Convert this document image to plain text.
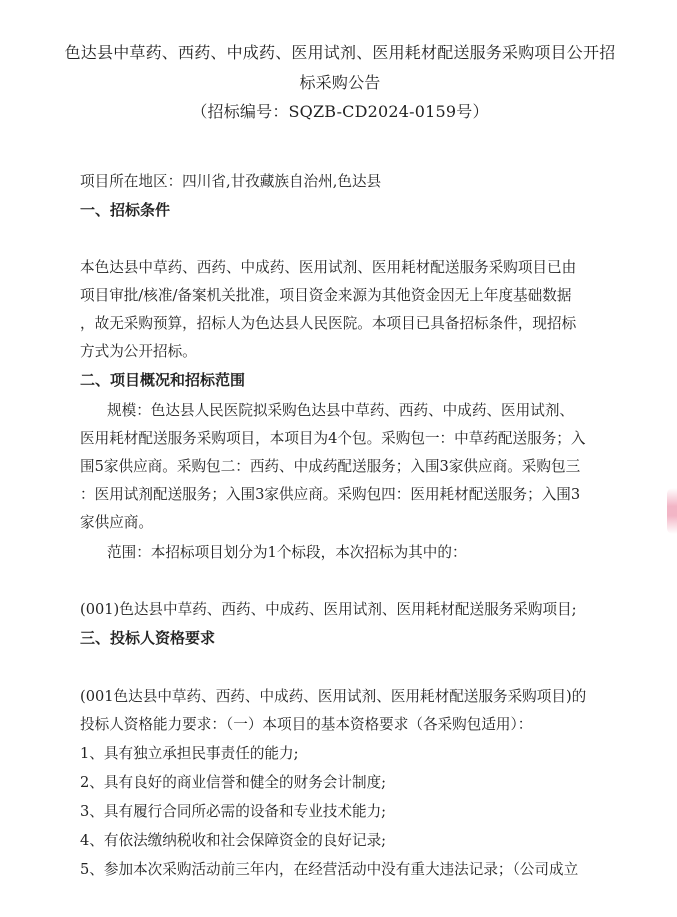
色达县中草药、西药、中成药、医用试剂、医用耗材配送服务采购项目公开招
标采购公告
（招标编号：SQZB-CD2024-0159号）
项目所在地区：四川省,甘孜藏族自治州,色达县
一、招标条件
本色达县中草药、西药、中成药、医用试剂、医用耗材配送服务采购项目已由
项目审批/核准/备案机关批准，项目资金来源为其他资金因无上年度基础数据
，故无采购预算，招标人为色达县人民医院。本项目已具备招标条件，现招标
方式为公开招标。
二、项目概况和招标范围
规模：色达县人民医院拟采购色达县中草药、西药、中成药、医用试剂、
医用耗材配送服务采购项目，本项目为4个包。采购包一：中草药配送服务；入
围5家供应商。采购包二：西药、中成药配送服务；入围3家供应商。采购包三
：医用试剂配送服务；入围3家供应商。采购包四：医用耗材配送服务；入围3
家供应商。
范围：本招标项目划分为1个标段，本次招标为其中的：
(001)色达县中草药、西药、中成药、医用试剂、医用耗材配送服务采购项目;
三、投标人资格要求
(001色达县中草药、西药、中成药、医用试剂、医用耗材配送服务采购项目)的
投标人资格能力要求：（一）本项目的基本资格要求（各采购包适用）：
1、具有独立承担民事责任的能力;
2、具有良好的商业信誉和健全的财务会计制度;
3、具有履行合同所必需的设备和专业技术能力;
4、有依法缴纳税收和社会保障资金的良好记录;
5、参加本次采购活动前三年内，在经营活动中没有重大违法记录；（公司成立
